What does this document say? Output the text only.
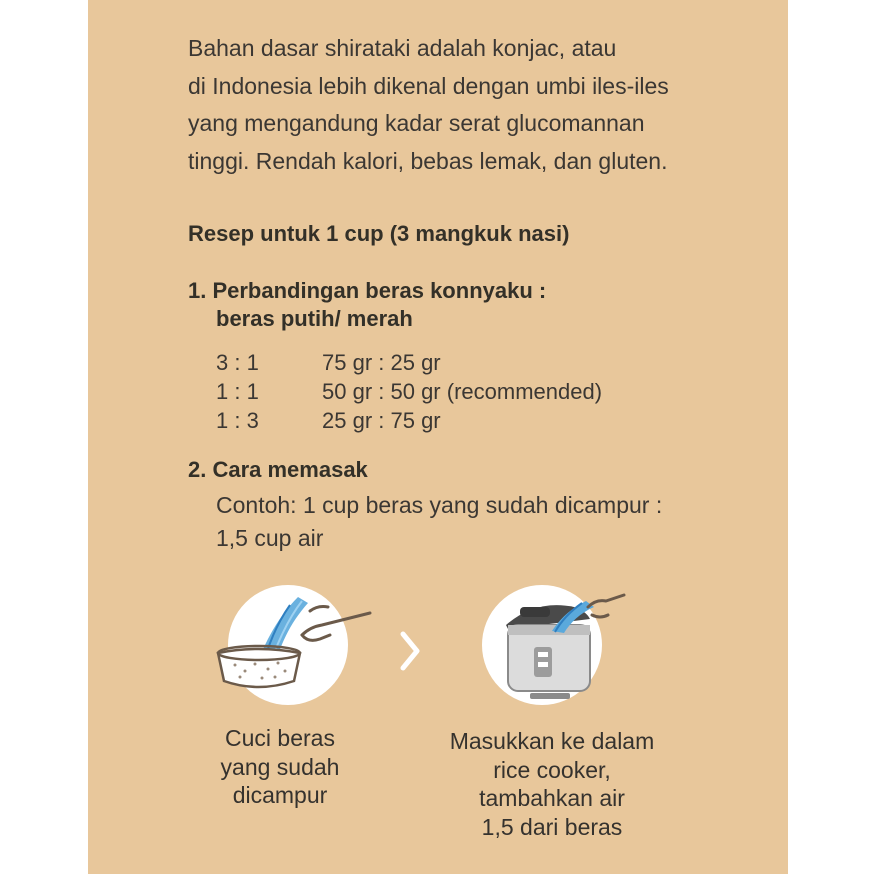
Bahan dasar shirataki adalah konjac, atau
di Indonesia lebih dikenal dengan umbi iles-iles
yang mengandung kadar serat glucomannan
tinggi. Rendah kalori, bebas lemak, dan gluten.
Resep untuk 1 cup (3 mangkuk nasi)
1. Perbandingan beras konnyaku :
beras putih/ merah
3 : 1	75 gr : 25 gr
1 : 1	50 gr : 50 gr (recommended)
1 : 3	25 gr : 75 gr
2. Cara memasak
Contoh: 1 cup beras yang sudah dicampur :
1,5 cup air
Cuci beras
yang sudah
dicampur
Masukkan ke dalam
rice cooker,
tambahkan air
1,5 dari beras
